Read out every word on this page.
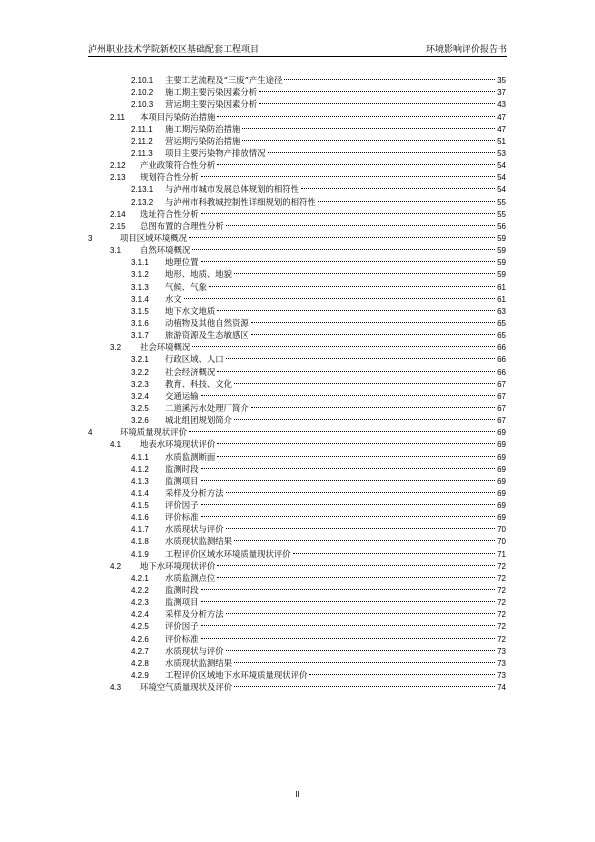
泸州职业技术学院新校区基础配套工程项目	环境影响评价报告书
2.10.1	主要工艺流程及“三废”产生途径	35
2.10.2	施工期主要污染因素分析	37
2.10.3	营运期主要污染因素分析	43
2.11	本项目污染防治措施	47
2.11.1	施工期污染防治措施	47
2.11.2	营运期污染防治措施	51
2.11.3	项目主要污染物产排放情况	53
2.12	产业政策符合性分析	54
2.13	规划符合性分析	54
2.13.1	与泸州市城市发展总体规划的相符性	54
2.13.2	与泸州市科教城控制性详细规划的相符性	55
2.14	选址符合性分析	55
2.15	总图布置的合理性分析	56
3	项目区域环境概况	59
3.1	自然环境概况	59
3.1.1	地理位置	59
3.1.2	地形、地质、地貌	59
3.1.3	气候、气象	61
3.1.4	水文	61
3.1.5	地下水文地质	63
3.1.6	动植物及其他自然资源	65
3.1.7	旅游资源及生态敏感区	65
3.2	社会环境概况	66
3.2.1	行政区域、人口	66
3.2.2	社会经济概况	66
3.2.3	教育、科技、文化	67
3.2.4	交通运输	67
3.2.5	二道溪污水处理厂简介	67
3.2.6	城北组团规划简介	67
4	环境质量现状评价	69
4.1	地表水环境现状评价	69
4.1.1	水质监测断面	69
4.1.2	监测时段	69
4.1.3	监测项目	69
4.1.4	采样及分析方法	69
4.1.5	评价因子	69
4.1.6	评价标准	69
4.1.7	水质现状与评价	70
4.1.8	水质现状监测结果	70
4.1.9	工程评价区域水环境质量现状评价	71
4.2	地下水环境现状评价	72
4.2.1	水质监测点位	72
4.2.2	监测时段	72
4.2.3	监测项目	72
4.2.4	采样及分析方法	72
4.2.5	评价因子	72
4.2.6	评价标准	72
4.2.7	水质现状与评价	73
4.2.8	水质现状监测结果	73
4.2.9	工程评价区域地下水环境质量现状评价	73
4.3	环境空气质量现状及评价	74
II
